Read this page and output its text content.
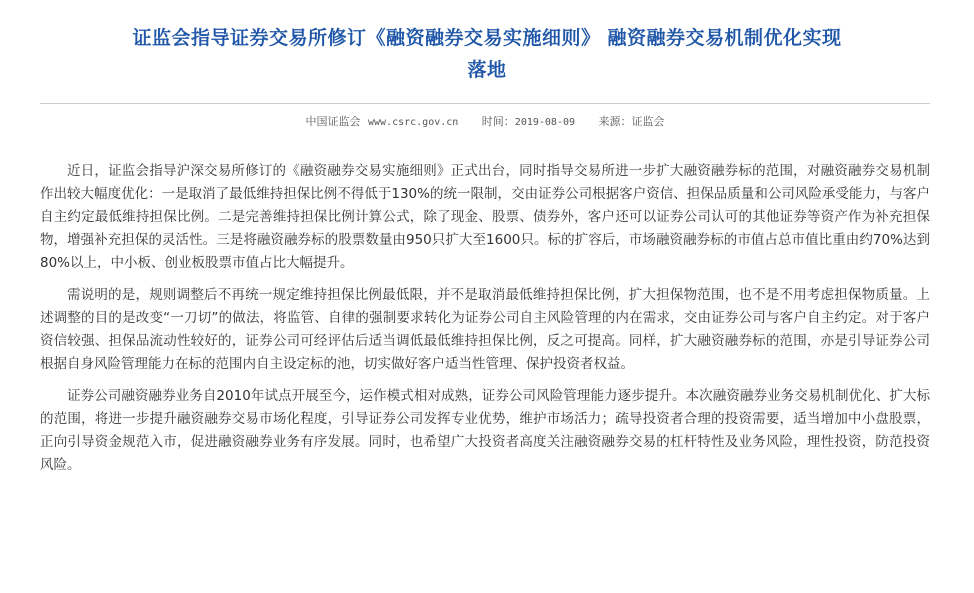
证监会指导证券交易所修订《融资融券交易实施细则》 融资融券交易机制优化实现
落地
中国证监会 www.csrc.gov.cn 时间：2019-08-09 来源：证监会

近日，证监会指导沪深交易所修订的《融资融券交易实施细则》正式出台，同时指导交易所进一步扩大融资融券标的范围，对融资融券交易机制作出较大幅度优化：一是取消了最低维持担保比例不得低于130%的统一限制，交由证券公司根据客户资信、担保品质量和公司风险承受能力，与客户自主约定最低维持担保比例。二是完善维持担保比例计算公式，除了现金、股票、债券外，客户还可以证券公司认可的其他证券等资产作为补充担保物，增强补充担保的灵活性。三是将融资融券标的股票数量由950只扩大至1600只。标的扩容后，市场融资融券标的市值占总市值比重由约70%达到80%以上，中小板、创业板股票市值占比大幅提升。

需说明的是，规则调整后不再统一规定维持担保比例最低限，并不是取消最低维持担保比例，扩大担保物范围，也不是不用考虑担保物质量。上述调整的目的是改变“一刀切”的做法，将监管、自律的强制要求转化为证券公司自主风险管理的内在需求，交由证券公司与客户自主约定。对于客户资信较强、担保品流动性较好的，证券公司可经评估后适当调低最低维持担保比例，反之可提高。同样，扩大融资融券标的范围，亦是引导证券公司根据自身风险管理能力在标的范围内自主设定标的池，切实做好客户适当性管理、保护投资者权益。

证券公司融资融券业务自2010年试点开展至今，运作模式相对成熟，证券公司风险管理能力逐步提升。本次融资融券业务交易机制优化、扩大标的范围，将进一步提升融资融券交易市场化程度，引导证券公司发挥专业优势，维护市场活力；疏导投资者合理的投资需要，适当增加中小盘股票，正向引导资金规范入市，促进融资融券业务有序发展。同时，也希望广大投资者高度关注融资融券交易的杠杆特性及业务风险，理性投资，防范投资风险。
